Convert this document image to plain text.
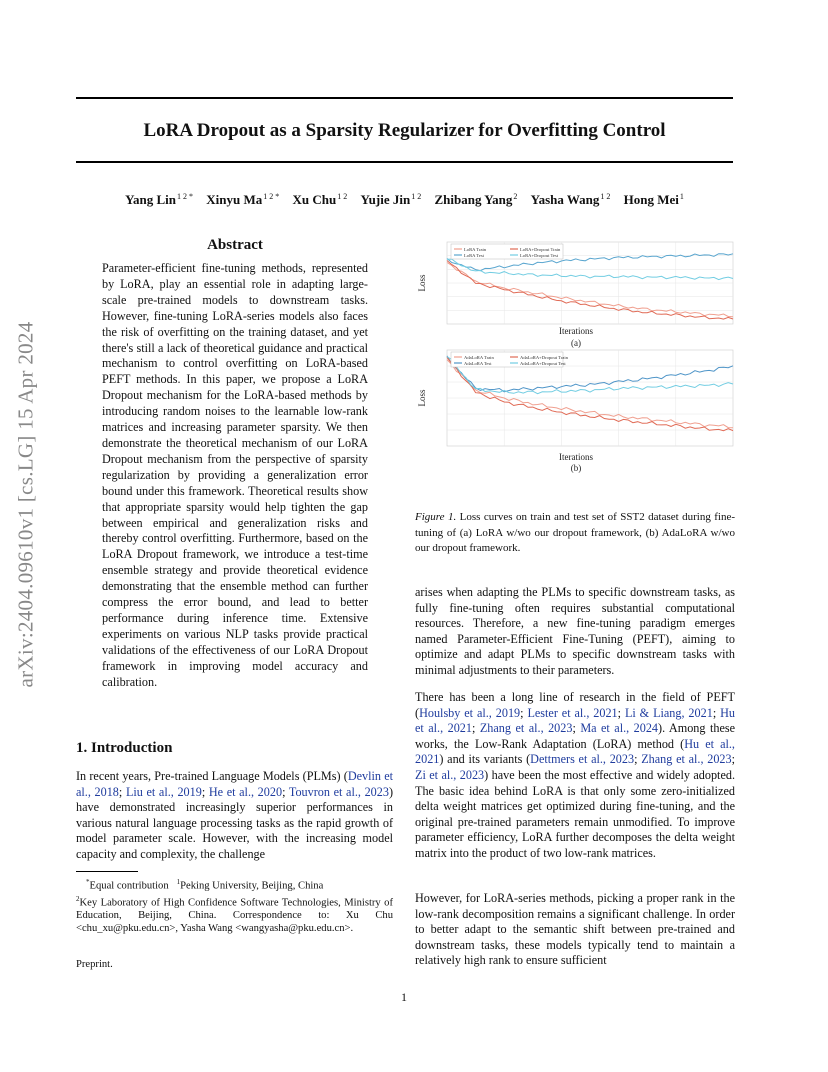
LoRA Dropout as a Sparsity Regularizer for Overfitting Control
Yang Lin$^{1 2 *}$ Xinyu $Ma^{1 2 *}$ Xu Chu$^{1 2}$ Yujie Jin$^{1 2}$ Zhibang Yang$^2$ Yasha Wang$^{1 2}$ Hong Mei$^1$
arXiv:2404.09610v1 [cs.LG] 15 Apr 2024
Abstract
Parameter-efficient fine-tuning methods, represented by LoRA, play an essential role in adapting large-scale pre-trained models to downstream tasks. However, fine-tuning LoRA-series models also faces the risk of overfitting on the training dataset, and yet there's still a lack of theoretical guidance and practical mechanism to control overfitting on LoRA-based PEFT methods. In this paper, we propose a LoRA Dropout mechanism for the LoRA-based methods by introducing random noises to the learnable low-rank matrices and increasing parameter sparsity. We then demonstrate the theoretical mechanism of our LoRA Dropout mechanism from the perspective of sparsity regularization by providing a generalization error bound under this framework. Theoretical results show that appropriate sparsity would help tighten the gap between empirical and generalization risks and thereby control overfitting. Furthermore, based on the LoRA Dropout framework, we introduce a test-time ensemble strategy and provide theoretical evidence demonstrating that the ensemble method can further compress the error bound, and lead to better performance during inference time. Extensive experiments on various NLP tasks provide practical validations of the effectiveness of our LoRA Dropout framework in improving model accuracy and calibration.
1. Introduction
In recent years, Pre-trained Language Models (PLMs) (Devlin et al., 2018; Liu et al., 2019; He et al., 2020; Touvron et al., 2023) have demonstrated increasingly superior performances in various natural language processing tasks as the rapid growth of model parameter scale. However, with the increasing model capacity and complexity, the challenge
*Equal contribution $^1$Peking University, Beijing, China
$^2$Key Laboratory of High Confidence Software Technologies, Ministry of Education, Beijing, China. Correspondence to: Xu Chu <chu_xu@pku.edu.cn>, Yasha Wang <wangyasha@pku.edu.cn>.
Preprint.
LoRA Train
LoRA Test
LoRA+Dropout Train
LoRA+Dropout Test
Loss
Iterations
(a)
AdaLoRA Train
AdaLoRA Test
AdaLoRA+Dropout Train
AdaLoRA+Dropout Test
Loss
Iterations
(b)
Figure 1. Loss curves on train and test set of SST2 dataset during fine-tuning of (a) LoRA w/wo our dropout framework, (b) AdaLoRA w/wo our dropout framework.
arises when adapting the PLMs to specific downstream tasks, as fully fine-tuning often requires substantial computational resources. Therefore, a new fine-tuning paradigm emerges named Parameter-Efficient Fine-Tuning (PEFT), aiming to optimize and adapt PLMs to specific downstream tasks with minimal adjustments to their parameters.
There has been a long line of research in the field of PEFT (Houlsby et al., 2019; Lester et al., 2021; Li & Liang, 2021; Hu et al., 2021; Zhang et al., 2023; Ma et al., 2024). Among these works, the Low-Rank Adaptation (LoRA) method (Hu et al., 2021) and its variants (Dettmers et al., 2023; Zhang et al., 2023; Zi et al., 2023) have been the most effective and widely adopted. The basic idea behind LoRA is that only some zero-initialized delta weight matrices get optimized during fine-tuning, and the original pre-trained parameters remain unmodified. To improve parameter efficiency, LoRA further decomposes the delta weight matrix into the product of two low-rank matrices.
However, for LoRA-series methods, picking a proper rank in the low-rank decomposition remains a significant challenge. In order to better adapt to the semantic shift between pre-trained and downstream tasks, these models typically tend to maintain a relatively high rank to ensure sufficient
1
